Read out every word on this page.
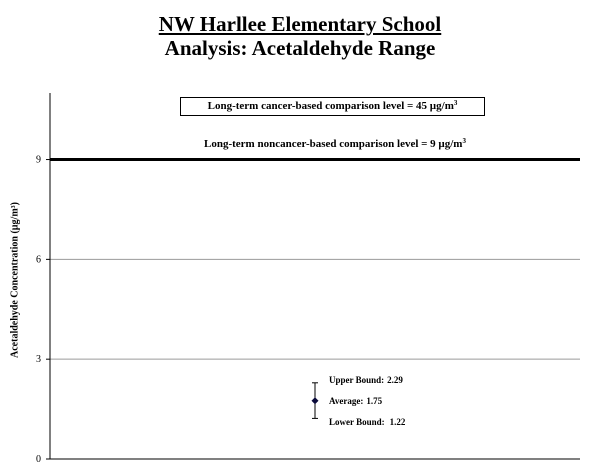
NW Harllee Elementary School
Analysis: Acetaldehyde Range
0
3
6
9
Acetaldehyde Concentration (µg/m³)
Long-term cancer-based comparison level = 45 $\mu g/m^3$
Long-term noncancer-based comparison level = 9 $\mu g/m^3$
Upper Bound: 2.29
Average: 1.75
Lower Bound: 1.22
